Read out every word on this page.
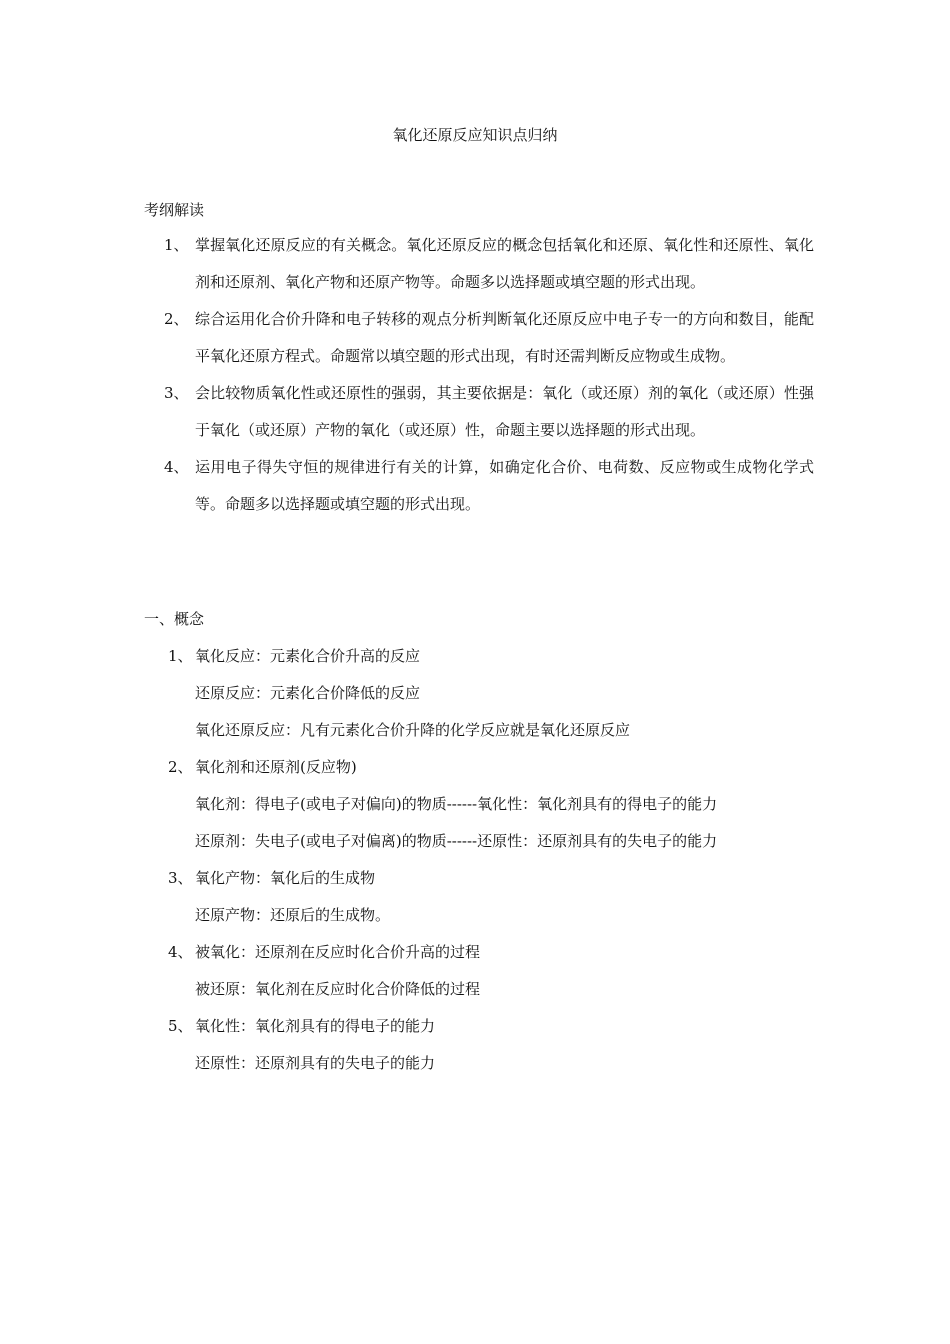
氧化还原反应知识点归纳
考纲解读
1、 掌握氧化还原反应的有关概念。氧化还原反应的概念包括氧化和还原、氧化性和还原性、氧化剂和还原剂、氧化产物和还原产物等。命题多以选择题或填空题的形式出现。
2、 综合运用化合价升降和电子转移的观点分析判断氧化还原反应中电子专一的方向和数目，能配平氧化还原方程式。命题常以填空题的形式出现，有时还需判断反应物或生成物。
3、 会比较物质氧化性或还原性的强弱，其主要依据是：氧化（或还原）剂的氧化（或还原）性强于氧化（或还原）产物的氧化（或还原）性，命题主要以选择题的形式出现。
4、 运用电子得失守恒的规律进行有关的计算，如确定化合价、电荷数、反应物或生成物化学式等。命题多以选择题或填空题的形式出现。
一、概念
1、 氧化反应：元素化合价升高的反应
还原反应：元素化合价降低的反应
氧化还原反应：凡有元素化合价升降的化学反应就是氧化还原反应
2、 氧化剂和还原剂(反应物)
氧化剂：得电子(或电子对偏向)的物质------氧化性：氧化剂具有的得电子的能力
还原剂：失电子(或电子对偏离)的物质------还原性：还原剂具有的失电子的能力
3、 氧化产物：氧化后的生成物
还原产物：还原后的生成物。
4、 被氧化：还原剂在反应时化合价升高的过程
被还原：氧化剂在反应时化合价降低的过程
5、 氧化性：氧化剂具有的得电子的能力
还原性：还原剂具有的失电子的能力
